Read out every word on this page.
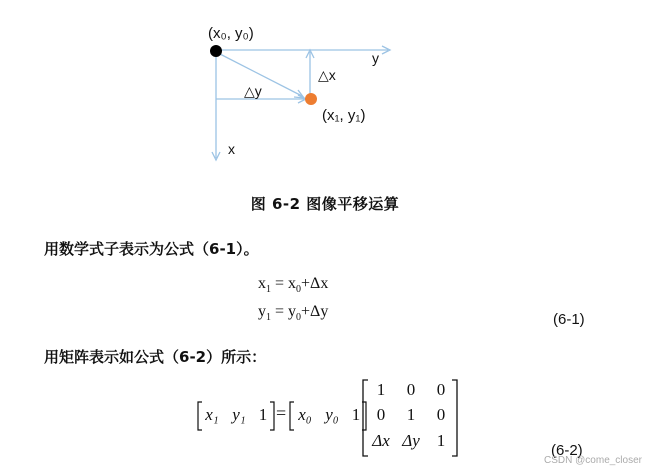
(x₀, y₀)
(x₁, y₁)
y
x
△x
△y
图 6-2 图像平移运算
用数学式子表示为公式（6-1）。
$x_1 = x_0+\Delta x$
$y_1 = y_0+\Delta y$	(6-1)
用矩阵表示如公式（6-2）所示：
x₁ y₁ 1 = x₀ y₀ 1
1	0	0
0	1	0
Δx Δy 1
(6-2)
CSDN @come_closer
